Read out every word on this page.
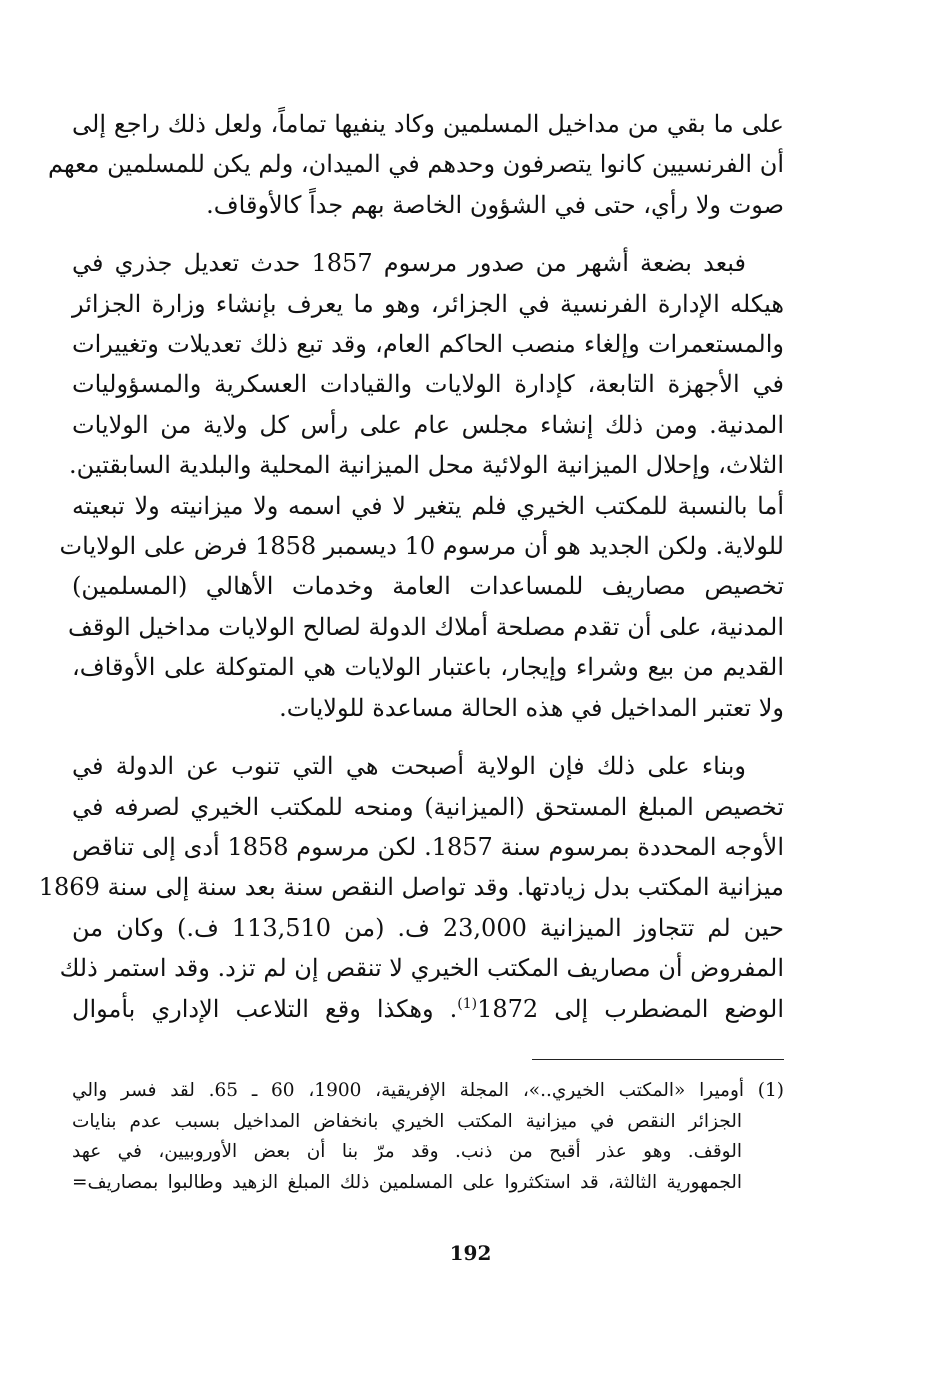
على ما بقي من مداخيل المسلمين وكاد ينفيها تماماً، ولعل ذلك راجع إلى
أن الفرنسيين كانوا يتصرفون وحدهم في الميدان، ولم يكن للمسلمين معهم
صوت ولا رأي، حتى في الشؤون الخاصة بهم جداً كالأوقاف.
فبعد بضعة أشهر من صدور مرسوم 1857 حدث تعديل جذري في
هيكله الإدارة الفرنسية في الجزائر، وهو ما يعرف بإنشاء وزارة الجزائر
والمستعمرات وإلغاء منصب الحاكم العام، وقد تبع ذلك تعديلات وتغييرات
في الأجهزة التابعة، كإدارة الولايات والقيادات العسكرية والمسؤوليات
المدنية. ومن ذلك إنشاء مجلس عام على رأس كل ولاية من الولايات
الثلاث، وإحلال الميزانية الولائية محل الميزانية المحلية والبلدية السابقتين.
أما بالنسبة للمكتب الخيري فلم يتغير لا في اسمه ولا ميزانيته ولا تبعيته
للولاية. ولكن الجديد هو أن مرسوم 10 ديسمبر 1858 فرض على الولايات
تخصيص مصاريف للمساعدات العامة وخدمات الأهالي (المسلمين)
المدنية، على أن تقدم مصلحة أملاك الدولة لصالح الولايات مداخيل الوقف
القديم من بيع وشراء وإيجار، باعتبار الولايات هي المتوكلة على الأوقاف،
ولا تعتبر المداخيل في هذه الحالة مساعدة للولايات.
وبناء على ذلك فإن الولاية أصبحت هي التي تنوب عن الدولة في
تخصيص المبلغ المستحق (الميزانية) ومنحه للمكتب الخيري لصرفه في
الأوجه المحددة بمرسوم سنة 1857. لكن مرسوم 1858 أدى إلى تناقص
ميزانية المكتب بدل زيادتها. وقد تواصل النقص سنة بعد سنة إلى سنة 1869
حين لم تتجاوز الميزانية 23,000 ف. (من 113,510 ف.) وكان من
المفروض أن مصاريف المكتب الخيري لا تنقص إن لم تزد. وقد استمر ذلك
الوضع المضطرب إلى 1872$^{(1)}$. وهكذا وقع التلاعب الإداري بأموال
(1) أوميرا «المكتب الخيري..»، المجلة الإفريقية، 1900، 60 ـ 65. لقد فسر والي
الجزائر النقص في ميزانية المكتب الخيري بانخفاض المداخيل بسبب عدم بنايات
الوقف. وهو عذر أقبح من ذنب. وقد مرّ بنا أن بعض الأوروبيين، في عهد
الجمهورية الثالثة، قد استكثروا على المسلمين ذلك المبلغ الزهيد وطالبوا بمصاريف=
192
